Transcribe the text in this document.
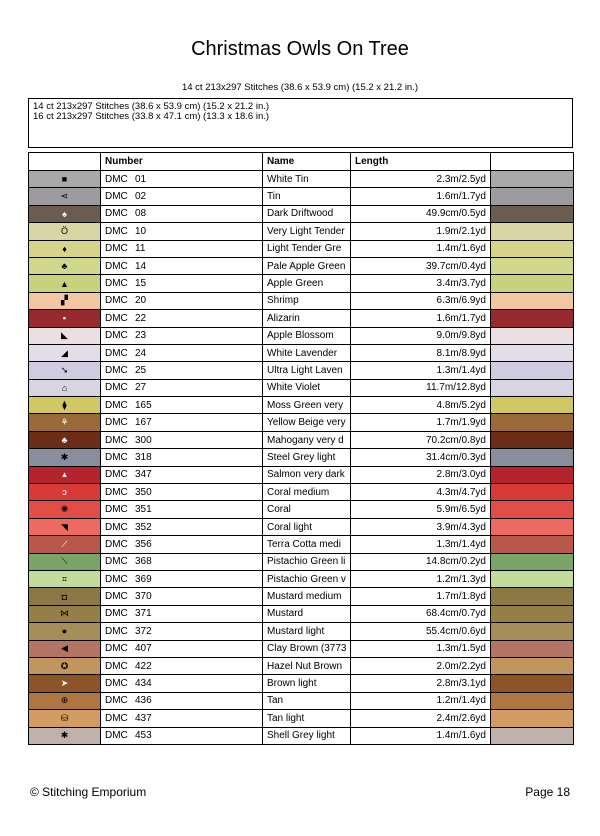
Christmas Owls On Tree
14 ct 213x297 Stitches (38.6 x 53.9 cm) (15.2 x 21.2 in.)
14 ct 213x297 Stitches (38.6 x 53.9 cm) (15.2 x 21.2 in.)
16 ct 213x297 Stitches (33.8 x 47.1 cm) (13.3 x 18.6 in.)
	Number	Name	Length	
■	DMC 01	White Tin	2.3m/2.5yd	
⋖	DMC 02	Tin	1.6m/1.7yd	
♠	DMC 08	Dark Driftwood	49.9cm/0.5yd	
Ö	DMC 10	Very Light Tender	1.9m/2.1yd	
♦	DMC 11	Light Tender Gre	1.4m/1.6yd	
♣	DMC 14	Pale Apple Green	39.7cm/0.4yd	
▲	DMC 15	Apple Green	3.4m/3.7yd	
▞	DMC 20	Shrimp	6.3m/6.9yd	
▪	DMC 22	Alizarin	1.6m/1.7yd	
◣	DMC 23	Apple Blossom	9.0m/9.8yd	
◢	DMC 24	White Lavender	8.1m/8.9yd	
➘	DMC 25	Ultra Light Laven	1.3m/1.4yd	
⌂	DMC 27	White Violet	11.7m/12.8yd	
⧫	DMC 165	Moss Green very	4.8m/5.2yd	
⚘	DMC 167	Yellow Beige very	1.7m/1.9yd	
♣	DMC 300	Mahogany very d	70.2cm/0.8yd	
✱	DMC 318	Steel Grey light	31.4cm/0.3yd	
▴	DMC 347	Salmon very dark	2.8m/3.0yd	
ↄ	DMC 350	Coral medium	4.3m/4.7yd	
✺	DMC 351	Coral	5.9m/6.5yd	
◥	DMC 352	Coral light	3.9m/4.3yd	
⟋	DMC 356	Terra Cotta medi	1.3m/1.4yd	
⟍	DMC 368	Pistachio Green li	14.8cm/0.2yd	
⌗	DMC 369	Pistachio Green v	1.2m/1.3yd	
◘	DMC 370	Mustard medium	1.7m/1.8yd	
⋈	DMC 371	Mustard	68.4cm/0.7yd	
●	DMC 372	Mustard light	55.4cm/0.6yd	
◀	DMC 407	Clay Brown (3773	1.3m/1.5yd	
✪	DMC 422	Hazel Nut Brown	2.0m/2.2yd	
➤	DMC 434	Brown light	2.8m/3.1yd	
⊕	DMC 436	Tan	1.2m/1.4yd	
⛁	DMC 437	Tan light	2.4m/2.6yd	
✱	DMC 453	Shell Grey light	1.4m/1.6yd	
© Stitching Emporium	Page 18
